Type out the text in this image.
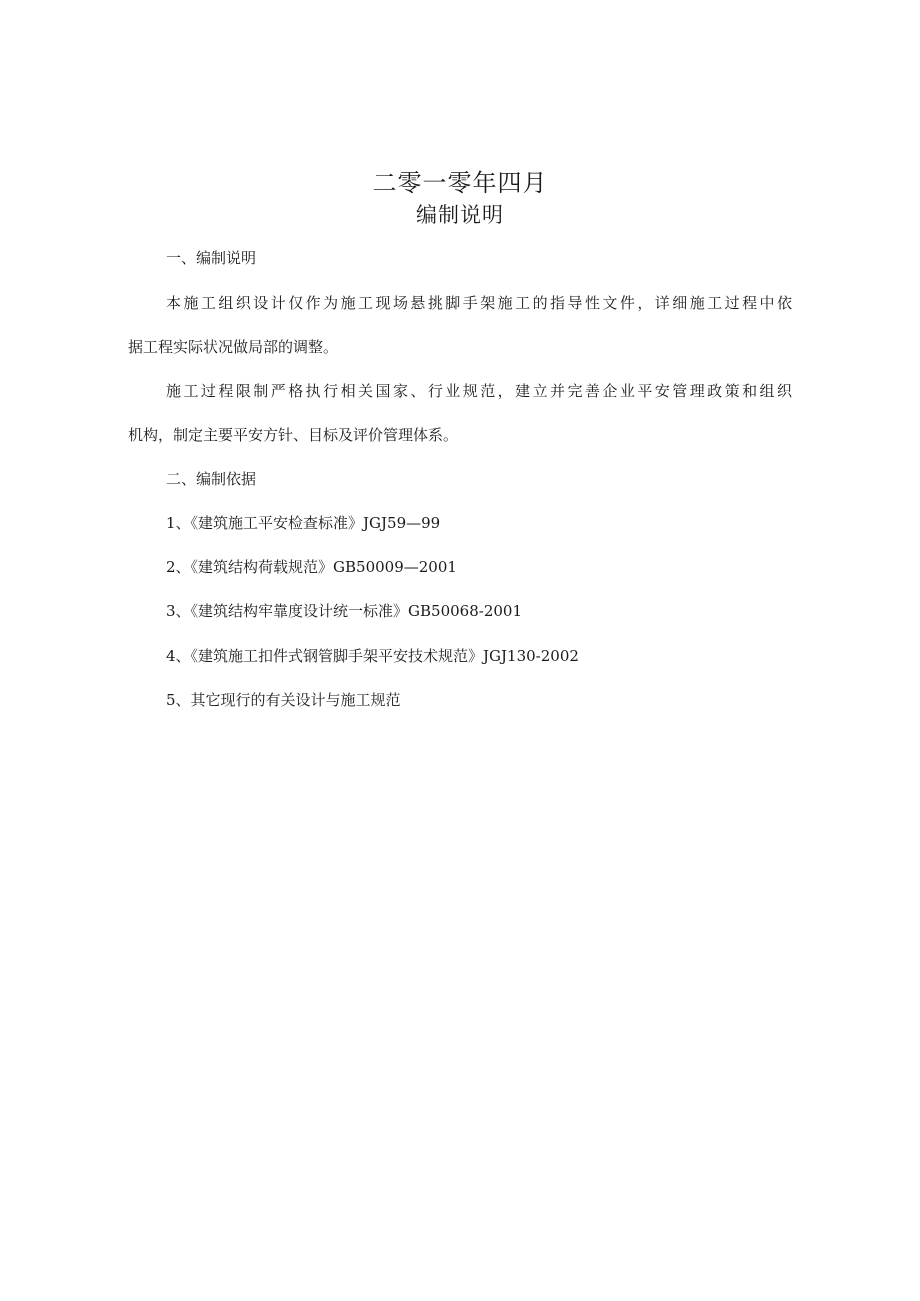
二零一零年四月
编制说明
一、编制说明
本施工组织设计仅作为施工现场悬挑脚手架施工的指导性文件，详细施工过程中依
据工程实际状况做局部的调整。
施工过程限制严格执行相关国家、行业规范，建立并完善企业平安管理政策和组织
机构，制定主要平安方针、目标及评价管理体系。
二、编制依据
1、《建筑施工平安检查标准》JGJ59—99
2、《建筑结构荷载规范》GB50009—2001
3、《建筑结构牢靠度设计统一标准》GB50068-2001
4、《建筑施工扣件式钢管脚手架平安技术规范》JGJ130-2002
5、其它现行的有关设计与施工规范
